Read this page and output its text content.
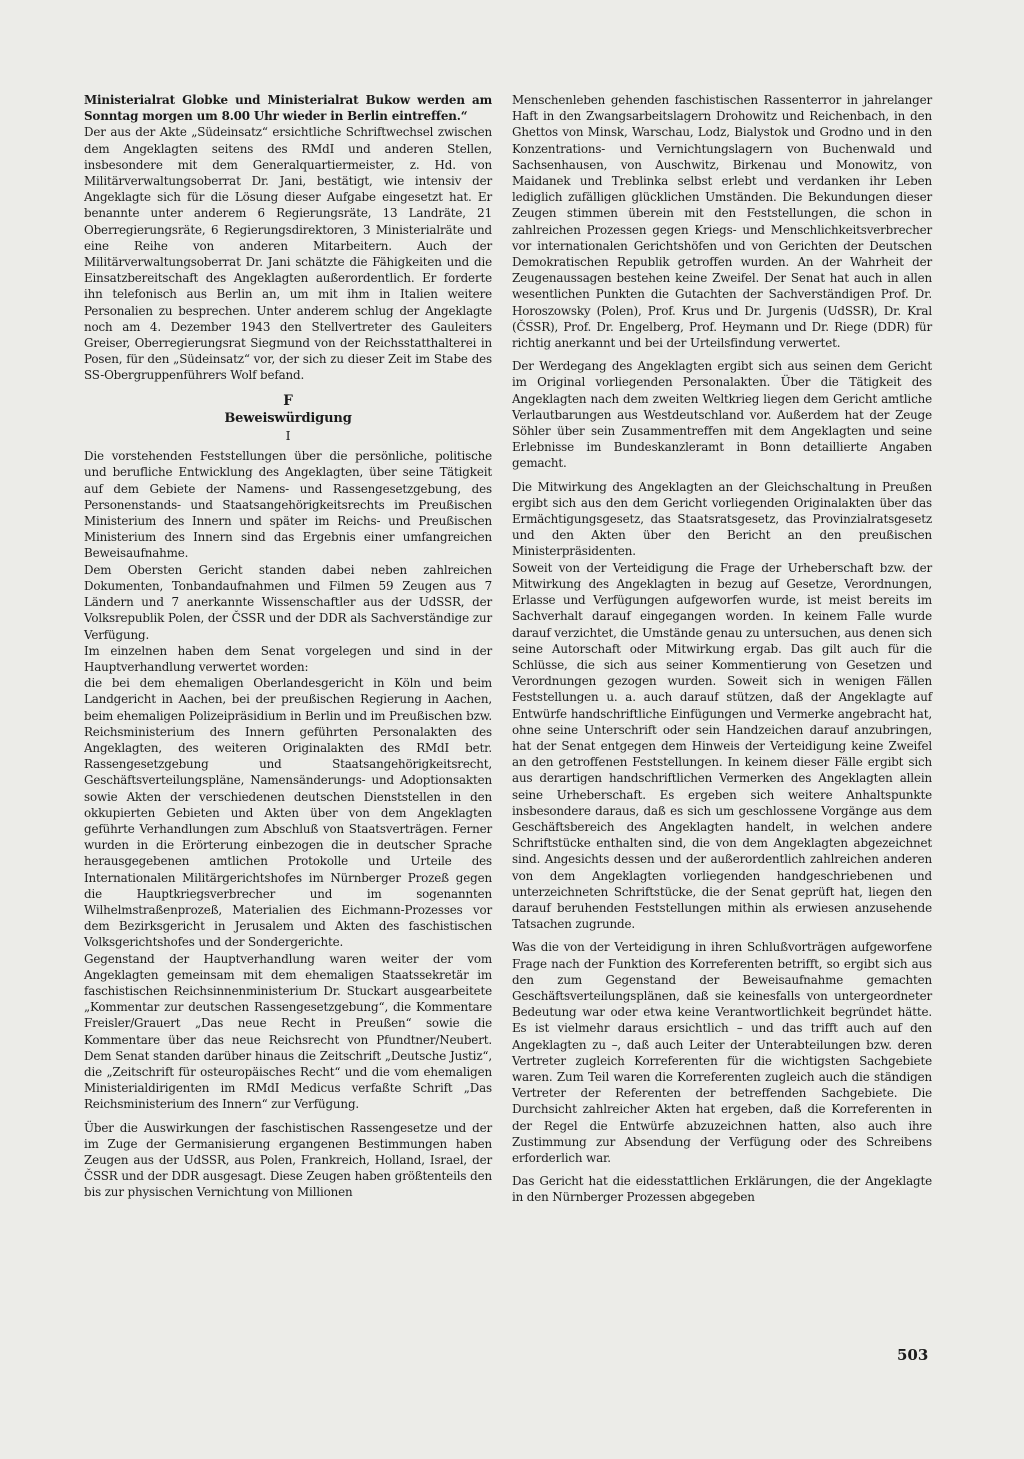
Ministerialrat Globke und Ministerialrat Bukow werden am Sonntag morgen um 8.00 Uhr wieder in Berlin eintreffen.“

Der aus der Akte „Südeinsatz“ ersichtliche Schriftwechsel zwischen dem Angeklagten seitens des RMdI und anderen Stellen, insbesondere mit dem Generalquartiermeister, z. Hd. von Militärverwaltungsoberrat Dr. Jani, bestätigt, wie intensiv der Angeklagte sich für die Lösung dieser Aufgabe eingesetzt hat. Er benannte unter anderem 6 Regierungsräte, 13 Landräte, 21 Oberregierungsräte, 6 Regierungsdirektoren, 3 Ministerialräte und eine Reihe von anderen Mitarbeitern. Auch der Militärverwaltungsoberrat Dr. Jani schätzte die Fähigkeiten und die Einsatzbereitschaft des Angeklagten außerordentlich. Er forderte ihn telefonisch aus Berlin an, um mit ihm in Italien weitere Personalien zu besprechen. Unter anderem schlug der Angeklagte noch am 4. Dezember 1943 den Stellvertreter des Gauleiters Greiser, Oberregierungsrat Siegmund von der Reichsstatthalterei in Posen, für den „Südeinsatz“ vor, der sich zu dieser Zeit im Stabe des SS-Obergruppenführers Wolf befand.

F
Beweiswürdigung
I

Die vorstehenden Feststellungen über die persönliche, politische und berufliche Entwicklung des Angeklagten, über seine Tätigkeit auf dem Gebiete der Namens- und Rassengesetzgebung, des Personenstands- und Staatsangehörigkeitsrechts im Preußischen Ministerium des Innern und später im Reichs- und Preußischen Ministerium des Innern sind das Ergebnis einer umfangreichen Beweisaufnahme.

Dem Obersten Gericht standen dabei neben zahlreichen Dokumenten, Tonbandaufnahmen und Filmen 59 Zeugen aus 7 Ländern und 7 anerkannte Wissenschaftler aus der UdSSR, der Volksrepublik Polen, der ČSSR und der DDR als Sachverständige zur Verfügung.

Im einzelnen haben dem Senat vorgelegen und sind in der Hauptverhandlung verwertet worden:

die bei dem ehemaligen Oberlandesgericht in Köln und beim Landgericht in Aachen, bei der preußischen Regierung in Aachen, beim ehemaligen Polizeipräsidium in Berlin und im Preußischen bzw. Reichsministerium des Innern geführten Personalakten des Angeklagten, des weiteren Originalakten des RMdI betr. Rassengesetzgebung und Staatsangehörigkeitsrecht, Geschäftsverteilungspläne, Namensänderungs- und Adoptionsakten sowie Akten der verschiedenen deutschen Dienststellen in den okkupierten Gebieten und Akten über von dem Angeklagten geführte Verhandlungen zum Abschluß von Staatsverträgen. Ferner wurden in die Erörterung einbezogen die in deutscher Sprache herausgegebenen amtlichen Protokolle und Urteile des Internationalen Militärgerichtshofes im Nürnberger Prozeß gegen die Hauptkriegsverbrecher und im sogenannten Wilhelmstraßenprozeß, Materialien des Eichmann-Prozesses vor dem Bezirksgericht in Jerusalem und Akten des faschistischen Volksgerichtshofes und der Sondergerichte.

Gegenstand der Hauptverhandlung waren weiter der vom Angeklagten gemeinsam mit dem ehemaligen Staatssekretär im faschistischen Reichsinnenministerium Dr. Stuckart ausgearbeitete „Kommentar zur deutschen Rassengesetzgebung“, die Kommentare Freisler/Grauert „Das neue Recht in Preußen“ sowie die Kommentare über das neue Reichsrecht von Pfundtner/Neubert. Dem Senat standen darüber hinaus die Zeitschrift „Deutsche Justiz“, die „Zeitschrift für osteuropäisches Recht“ und die vom ehemaligen Ministerialdirigenten im RMdI Medicus verfaßte Schrift „Das Reichsministerium des Innern“ zur Verfügung.

Über die Auswirkungen der faschistischen Rassengesetze und der im Zuge der Germanisierung ergangenen Bestimmungen haben Zeugen aus der UdSSR, aus Polen, Frankreich, Holland, Israel, der ČSSR und der DDR ausgesagt. Diese Zeugen haben größtenteils den bis zur physischen Vernichtung von Millionen

Menschenleben gehenden faschistischen Rassenterror in jahrelanger Haft in den Zwangsarbeitslagern Drohowitz und Reichenbach, in den Ghettos von Minsk, Warschau, Lodz, Bialystok und Grodno und in den Konzentrations- und Vernichtungslagern von Buchenwald und Sachsenhausen, von Auschwitz, Birkenau und Monowitz, von Maidanek und Treblinka selbst erlebt und verdanken ihr Leben lediglich zufälligen glücklichen Umständen. Die Bekundungen dieser Zeugen stimmen überein mit den Feststellungen, die schon in zahlreichen Prozessen gegen Kriegs- und Menschlichkeitsverbrecher vor internationalen Gerichtshöfen und von Gerichten der Deutschen Demokratischen Republik getroffen wurden. An der Wahrheit der Zeugenaussagen bestehen keine Zweifel. Der Senat hat auch in allen wesentlichen Punkten die Gutachten der Sachverständigen Prof. Dr. Horoszowsky (Polen), Prof. Krus und Dr. Jurgenis (UdSSR), Dr. Kral (ČSSR), Prof. Dr. Engelberg, Prof. Heymann und Dr. Riege (DDR) für richtig anerkannt und bei der Urteilsfindung verwertet.

Der Werdegang des Angeklagten ergibt sich aus seinen dem Gericht im Original vorliegenden Personalakten. Über die Tätigkeit des Angeklagten nach dem zweiten Weltkrieg liegen dem Gericht amtliche Verlautbarungen aus Westdeutschland vor. Außerdem hat der Zeuge Söhler über sein Zusammentreffen mit dem Angeklagten und seine Erlebnisse im Bundeskanzleramt in Bonn detaillierte Angaben gemacht.

Die Mitwirkung des Angeklagten an der Gleichschaltung in Preußen ergibt sich aus den dem Gericht vorliegenden Originalakten über das Ermächtigungsgesetz, das Staatsratsgesetz, das Provinzialratsgesetz und den Akten über den Bericht an den preußischen Ministerpräsidenten.

Soweit von der Verteidigung die Frage der Urheberschaft bzw. der Mitwirkung des Angeklagten in bezug auf Gesetze, Verordnungen, Erlasse und Verfügungen aufgeworfen wurde, ist meist bereits im Sachverhalt darauf eingegangen worden. In keinem Falle wurde darauf verzichtet, die Umstände genau zu untersuchen, aus denen sich seine Autorschaft oder Mitwirkung ergab. Das gilt auch für die Schlüsse, die sich aus seiner Kommentierung von Gesetzen und Verordnungen gezogen wurden. Soweit sich in wenigen Fällen Feststellungen u. a. auch darauf stützen, daß der Angeklagte auf Entwürfe handschriftliche Einfügungen und Vermerke angebracht hat, ohne seine Unterschrift oder sein Handzeichen darauf anzubringen, hat der Senat entgegen dem Hinweis der Verteidigung keine Zweifel an den getroffenen Feststellungen. In keinem dieser Fälle ergibt sich aus derartigen handschriftlichen Vermerken des Angeklagten allein seine Urheberschaft. Es ergeben sich weitere Anhaltspunkte insbesondere daraus, daß es sich um geschlossene Vorgänge aus dem Geschäftsbereich des Angeklagten handelt, in welchen andere Schriftstücke enthalten sind, die von dem Angeklagten abgezeichnet sind. Angesichts dessen und der außerordentlich zahlreichen anderen von dem Angeklagten vorliegenden handgeschriebenen und unterzeichneten Schriftstücke, die der Senat geprüft hat, liegen den darauf beruhenden Feststellungen mithin als erwiesen anzusehende Tatsachen zugrunde.

Was die von der Verteidigung in ihren Schlußvorträgen aufgeworfene Frage nach der Funktion des Korreferenten betrifft, so ergibt sich aus den zum Gegenstand der Beweisaufnahme gemachten Geschäftsverteilungsplänen, daß sie keinesfalls von untergeordneter Bedeutung war oder etwa keine Verantwortlichkeit begründet hätte. Es ist vielmehr daraus ersichtlich – und das trifft auch auf den Angeklagten zu –, daß auch Leiter der Unterabteilungen bzw. deren Vertreter zugleich Korreferenten für die wichtigsten Sachgebiete waren. Zum Teil waren die Korreferenten zugleich auch die ständigen Vertreter der Referenten der betreffenden Sachgebiete. Die Durchsicht zahlreicher Akten hat ergeben, daß die Korreferenten in der Regel die Entwürfe abzuzeichnen hatten, also auch ihre Zustimmung zur Absendung der Verfügung oder des Schreibens erforderlich war.

Das Gericht hat die eidesstattlichen Erklärungen, die der Angeklagte in den Nürnberger Prozessen abgegeben

503
